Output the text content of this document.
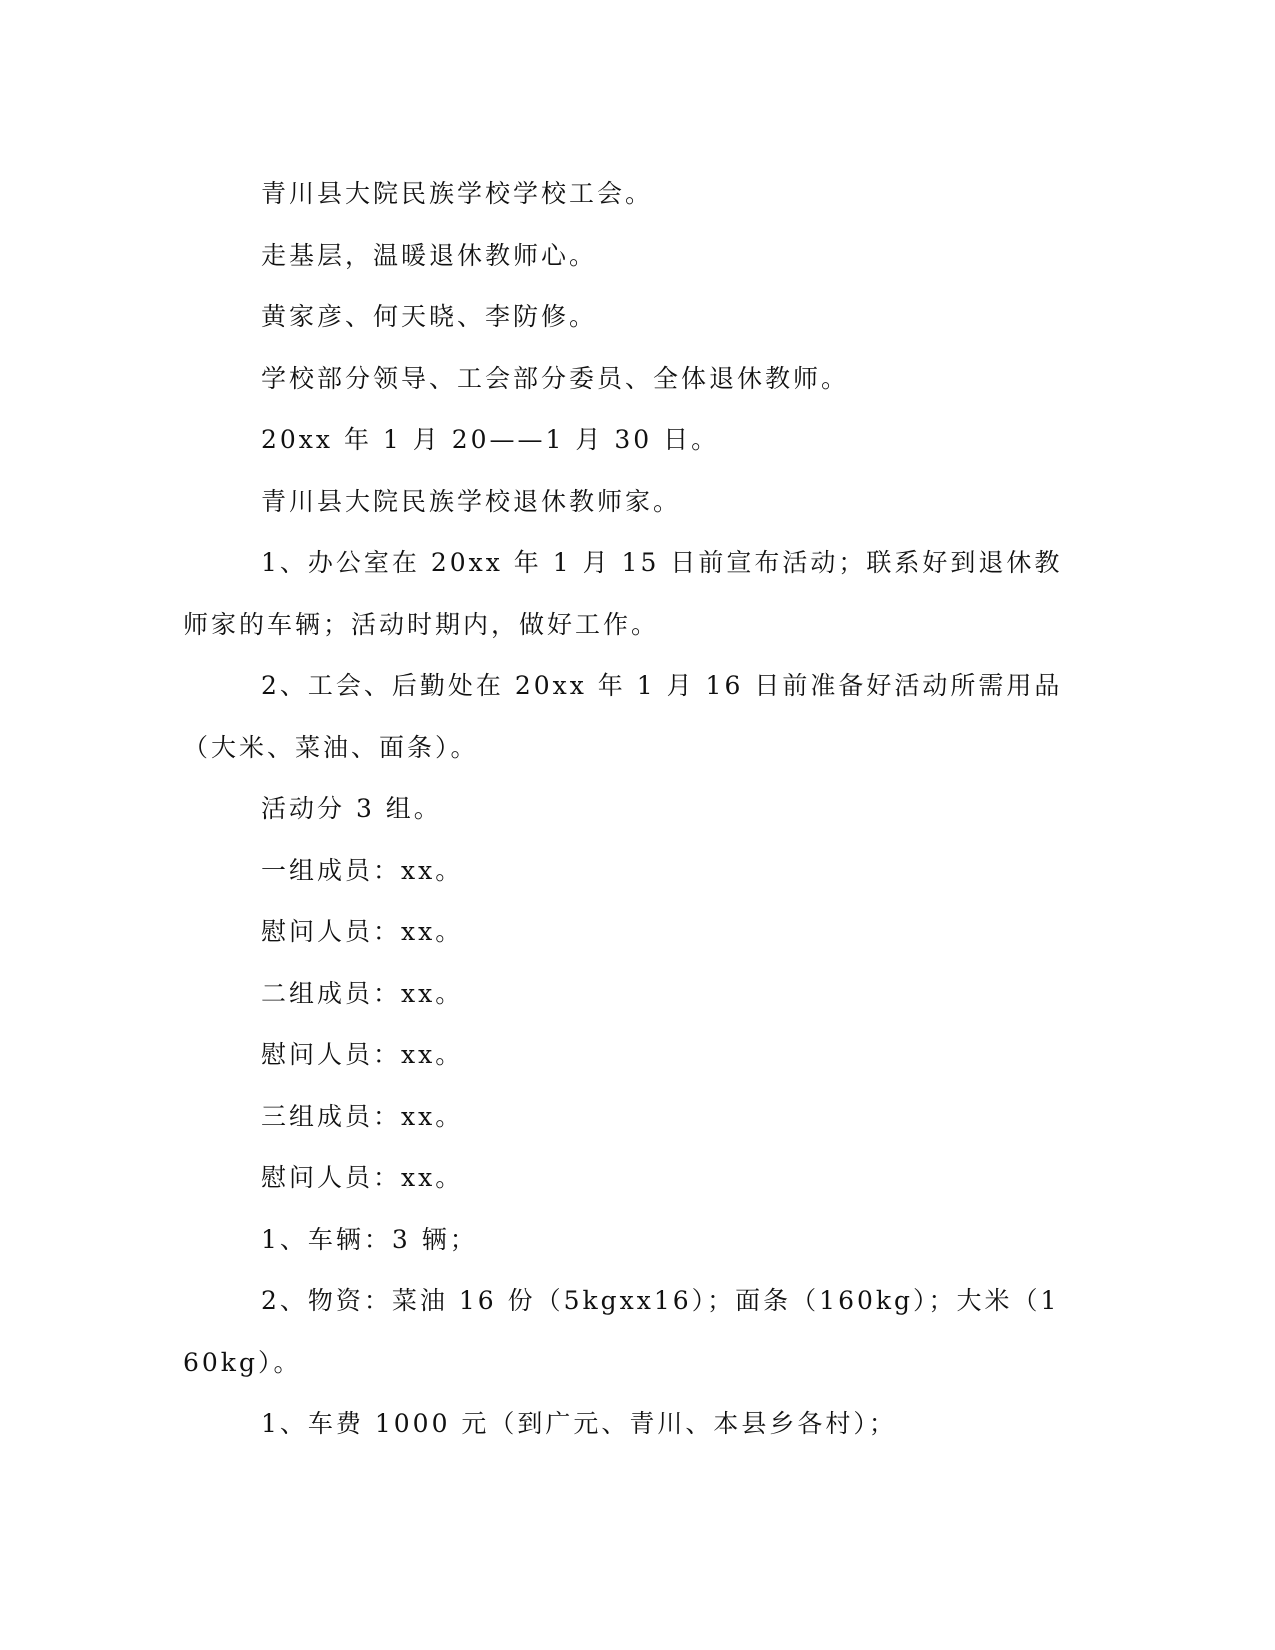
青川县大院民族学校学校工会。

走基层，温暖退休教师心。

黄家彦、何天晓、李防修。

学校部分领导、工会部分委员、全体退休教师。

20xx 年 1 月 20——1 月 30 日。

青川县大院民族学校退休教师家。

1、办公室在 20xx 年 1 月 15 日前宣布活动；联系好到退休教师家的车辆；活动时期内，做好工作。

2、工会、后勤处在 20xx 年 1 月 16 日前准备好活动所需用品（大米、菜油、面条）。

活动分 3 组。

一组成员：xx。

慰问人员：xx。

二组成员：xx。

慰问人员：xx。

三组成员：xx。

慰问人员：xx。

1、车辆：3 辆；

2、物资：菜油 16 份（5kgxx16）；面条（160kg）；大米（160kg）。

1、车费 1000 元（到广元、青川、本县乡各村）；
